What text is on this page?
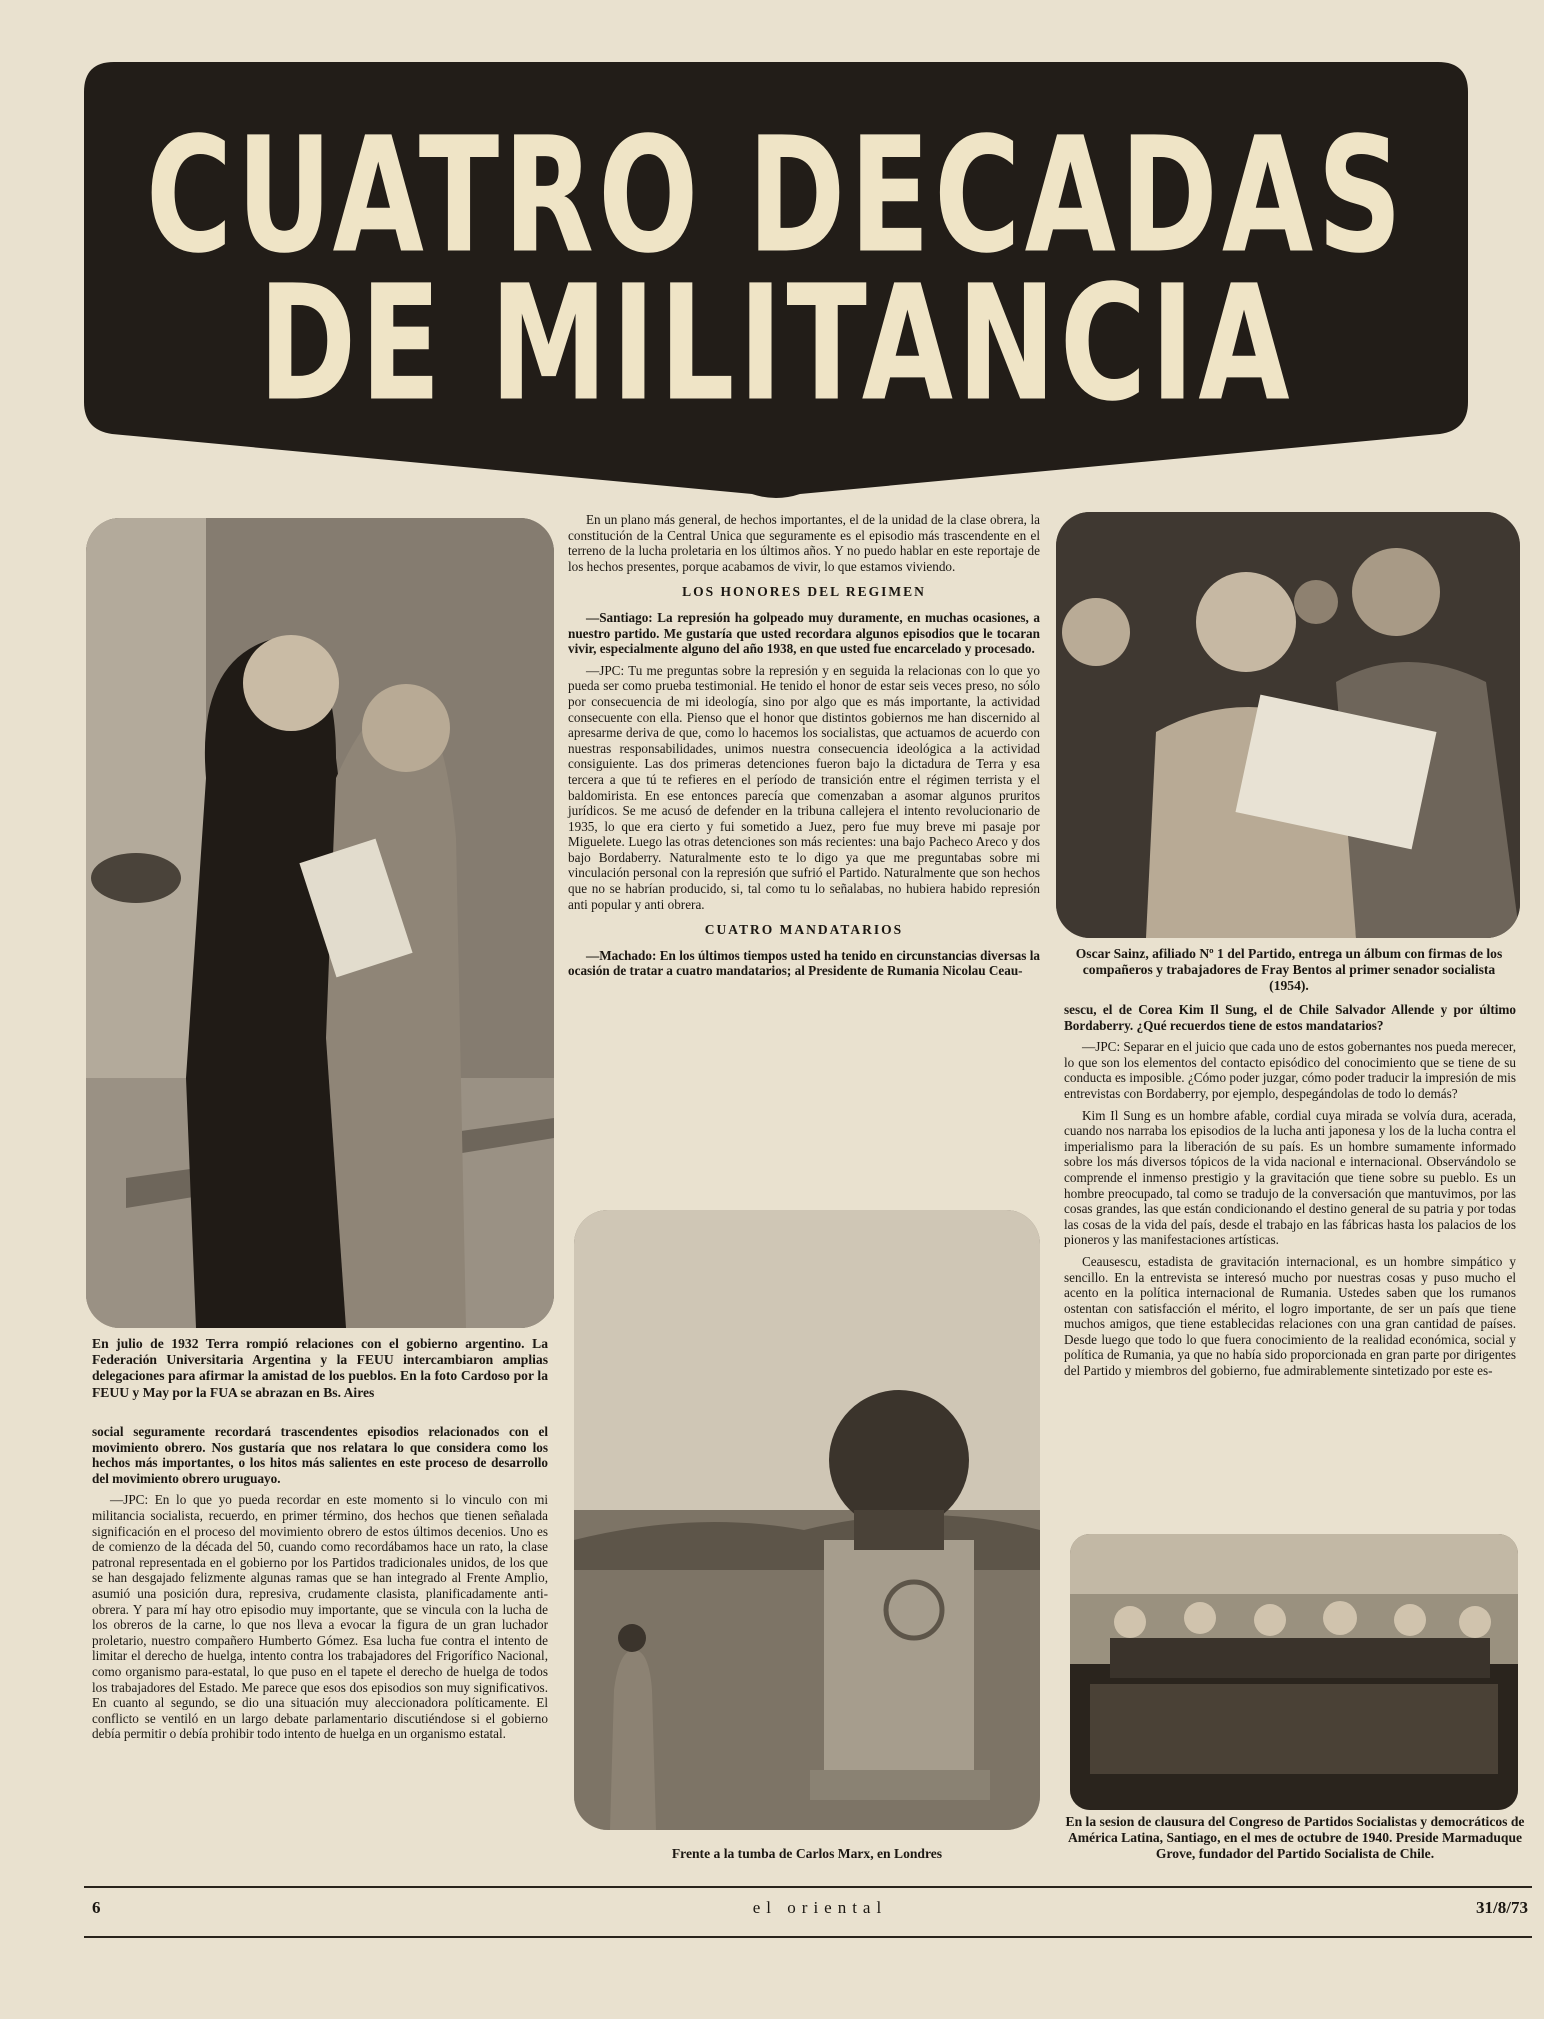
CUATRO DECADAS
DE MILITANCIA
En julio de 1932 Terra rompió relaciones con el gobierno argentino. La Federación Universitaria Argentina y la FEUU intercambiaron amplias delegaciones para afirmar la amistad de los pueblos. En la foto Cardoso por la FEUU y May por la FUA se abrazan en Bs. Aires

social seguramente recordará trascendentes episodios relacionados con el movimiento obrero. Nos gustaría que nos relatara lo que considera como los hechos más importantes, o los hitos más salientes en este proceso de desarrollo del movimiento obrero uruguayo.

—JPC: En lo que yo pueda recordar en este momento si lo vinculo con mi militancia socialista, recuerdo, en primer término, dos hechos que tienen señalada significación en el proceso del movimiento obrero de estos últimos decenios. Uno es de comienzo de la década del 50, cuando como recordábamos hace un rato, la clase patronal representada en el gobierno por los Partidos tradicionales unidos, de los que se han desgajado felizmente algunas ramas que se han integrado al Frente Amplio, asumió una posición dura, represiva, crudamente clasista, planificadamente anti-obrera. Y para mí hay otro episodio muy importante, que se vincula con la lucha de los obreros de la carne, lo que nos lleva a evocar la figura de un gran luchador proletario, nuestro compañero Humberto Gómez. Esa lucha fue contra el intento de limitar el derecho de huelga, intento contra los trabajadores del Frigorífico Nacional, como organismo para-estatal, lo que puso en el tapete el derecho de huelga de todos los trabajadores del Estado. Me parece que esos dos episodios son muy significativos. En cuanto al segundo, se dio una situación muy aleccionadora políticamente. El conflicto se ventiló en un largo debate parlamentario discutiéndose si el gobierno debía permitir o debía prohibir todo intento de huelga en un organismo estatal.

En un plano más general, de hechos importantes, el de la unidad de la clase obrera, la constitución de la Central Unica que seguramente es el episodio más trascendente en el terreno de la lucha proletaria en los últimos años. Y no puedo hablar en este reportaje de los hechos presentes, porque acabamos de vivir, lo que estamos viviendo.

LOS HONORES DEL REGIMEN

—Santiago: La represión ha golpeado muy duramente, en muchas ocasiones, a nuestro partido. Me gustaría que usted recordara algunos episodios que le tocaran vivir, especialmente alguno del año 1938, en que usted fue encarcelado y procesado.

—JPC: Tu me preguntas sobre la represión y en seguida la relacionas con lo que yo pueda ser como prueba testimonial. He tenido el honor de estar seis veces preso, no sólo por consecuencia de mi ideología, sino por algo que es más importante, la actividad consecuente con ella. Pienso que el honor que distintos gobiernos me han discernido al apresarme deriva de que, como lo hacemos los socialistas, que actuamos de acuerdo con nuestras responsabilidades, unimos nuestra consecuencia ideológica a la actividad consiguiente. Las dos primeras detenciones fueron bajo la dictadura de Terra y esa tercera a que tú te refieres en el período de transición entre el régimen terrista y el baldomirista. En ese entonces parecía que comenzaban a asomar algunos pruritos jurídicos. Se me acusó de defender en la tribuna callejera el intento revolucionario de 1935, lo que era cierto y fui sometido a Juez, pero fue muy breve mi pasaje por Miguelete. Luego las otras detenciones son más recientes: una bajo Pacheco Areco y dos bajo Bordaberry. Naturalmente esto te lo digo ya que me preguntabas sobre mi vinculación personal con la represión que sufrió el Partido. Naturalmente que son hechos que no se habrían producido, si, tal como tu lo señalabas, no hubiera habido represión anti popular y anti obrera.

CUATRO MANDATARIOS

—Machado: En los últimos tiempos usted ha tenido en circunstancias diversas la ocasión de tratar a cuatro mandatarios; al Presidente de Rumania Nicolau Ceau-

Frente a la tumba de Carlos Marx, en Londres
Oscar Sainz, afiliado Nº 1 del Partido, entrega un álbum con firmas de los compañeros y trabajadores de Fray Bentos al primer senador socialista (1954).

sescu, el de Corea Kim Il Sung, el de Chile Salvador Allende y por último Bordaberry. ¿Qué recuerdos tiene de estos mandatarios?

—JPC: Separar en el juicio que cada uno de estos gobernantes nos pueda merecer, lo que son los elementos del contacto episódico del conocimiento que se tiene de su conducta es imposible. ¿Cómo poder juzgar, cómo poder traducir la impresión de mis entrevistas con Bordaberry, por ejemplo, despegándolas de todo lo demás?

Kim Il Sung es un hombre afable, cordial cuya mirada se volvía dura, acerada, cuando nos narraba los episodios de la lucha anti japonesa y los de la lucha contra el imperialismo para la liberación de su país. Es un hombre sumamente informado sobre los más diversos tópicos de la vida nacional e internacional. Observándolo se comprende el inmenso prestigio y la gravitación que tiene sobre su pueblo. Es un hombre preocupado, tal como se tradujo de la conversación que mantuvimos, por las cosas grandes, las que están condicionando el destino general de su patria y por todas las cosas de la vida del país, desde el trabajo en las fábricas hasta los palacios de los pioneros y las manifestaciones artísticas.

Ceausescu, estadista de gravitación internacional, es un hombre simpático y sencillo. En la entrevista se interesó mucho por nuestras cosas y puso mucho el acento en la política internacional de Rumania. Ustedes saben que los rumanos ostentan con satisfacción el mérito, el logro importante, de ser un país que tiene muchos amigos, que tiene establecidas relaciones con una gran cantidad de países. Desde luego que todo lo que fuera conocimiento de la realidad económica, social y política de Rumania, ya que no había sido proporcionada en gran parte por dirigentes del Partido y miembros del gobierno, fue admirablemente sintetizado por este es-

En la sesion de clausura del Congreso de Partidos Socialistas y democráticos de América Latina, Santiago, en el mes de octubre de 1940. Preside Marmaduque Grove, fundador del Partido Socialista de Chile.
6	el oriental	31/8/73
